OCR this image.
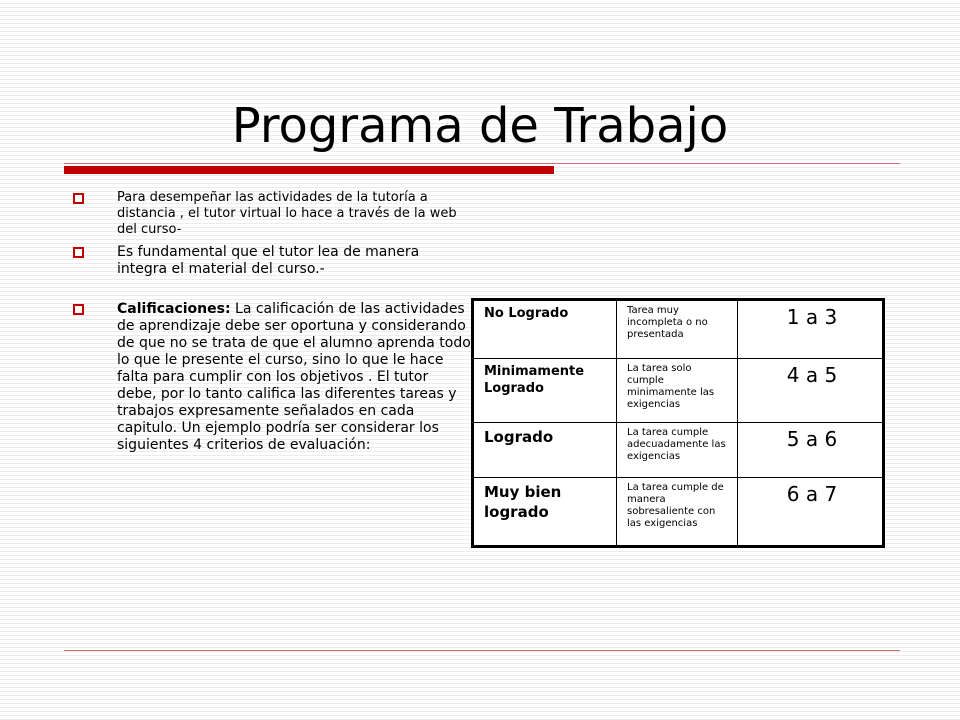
Programa de Trabajo
Para desempeñar las actividades de la tutoría a distancia , el tutor virtual lo hace a través de la web del curso-
Es fundamental que el tutor lea de manera integra el material del curso.-
Calificaciones: La calificación de las actividades de aprendizaje debe ser oportuna y considerando de que no se trata de que el alumno aprenda todo lo que le presente el curso, sino lo que le hace falta para cumplir con los objetivos . El tutor debe, por lo tanto califica las diferentes tareas y trabajos expresamente señalados en cada capitulo. Un ejemplo podría ser considerar los siguientes 4 criterios de evaluación:
No Logrado	Tarea muy incompleta o no presentada	1 a 3
Minimamente Logrado	La tarea solo cumple minimamente las exigencias	4 a 5
Logrado	La tarea cumple adecuadamente las exigencias	5 a 6
Muy bien logrado	La tarea cumple de manera sobresaliente con las exigencias	6 a 7
